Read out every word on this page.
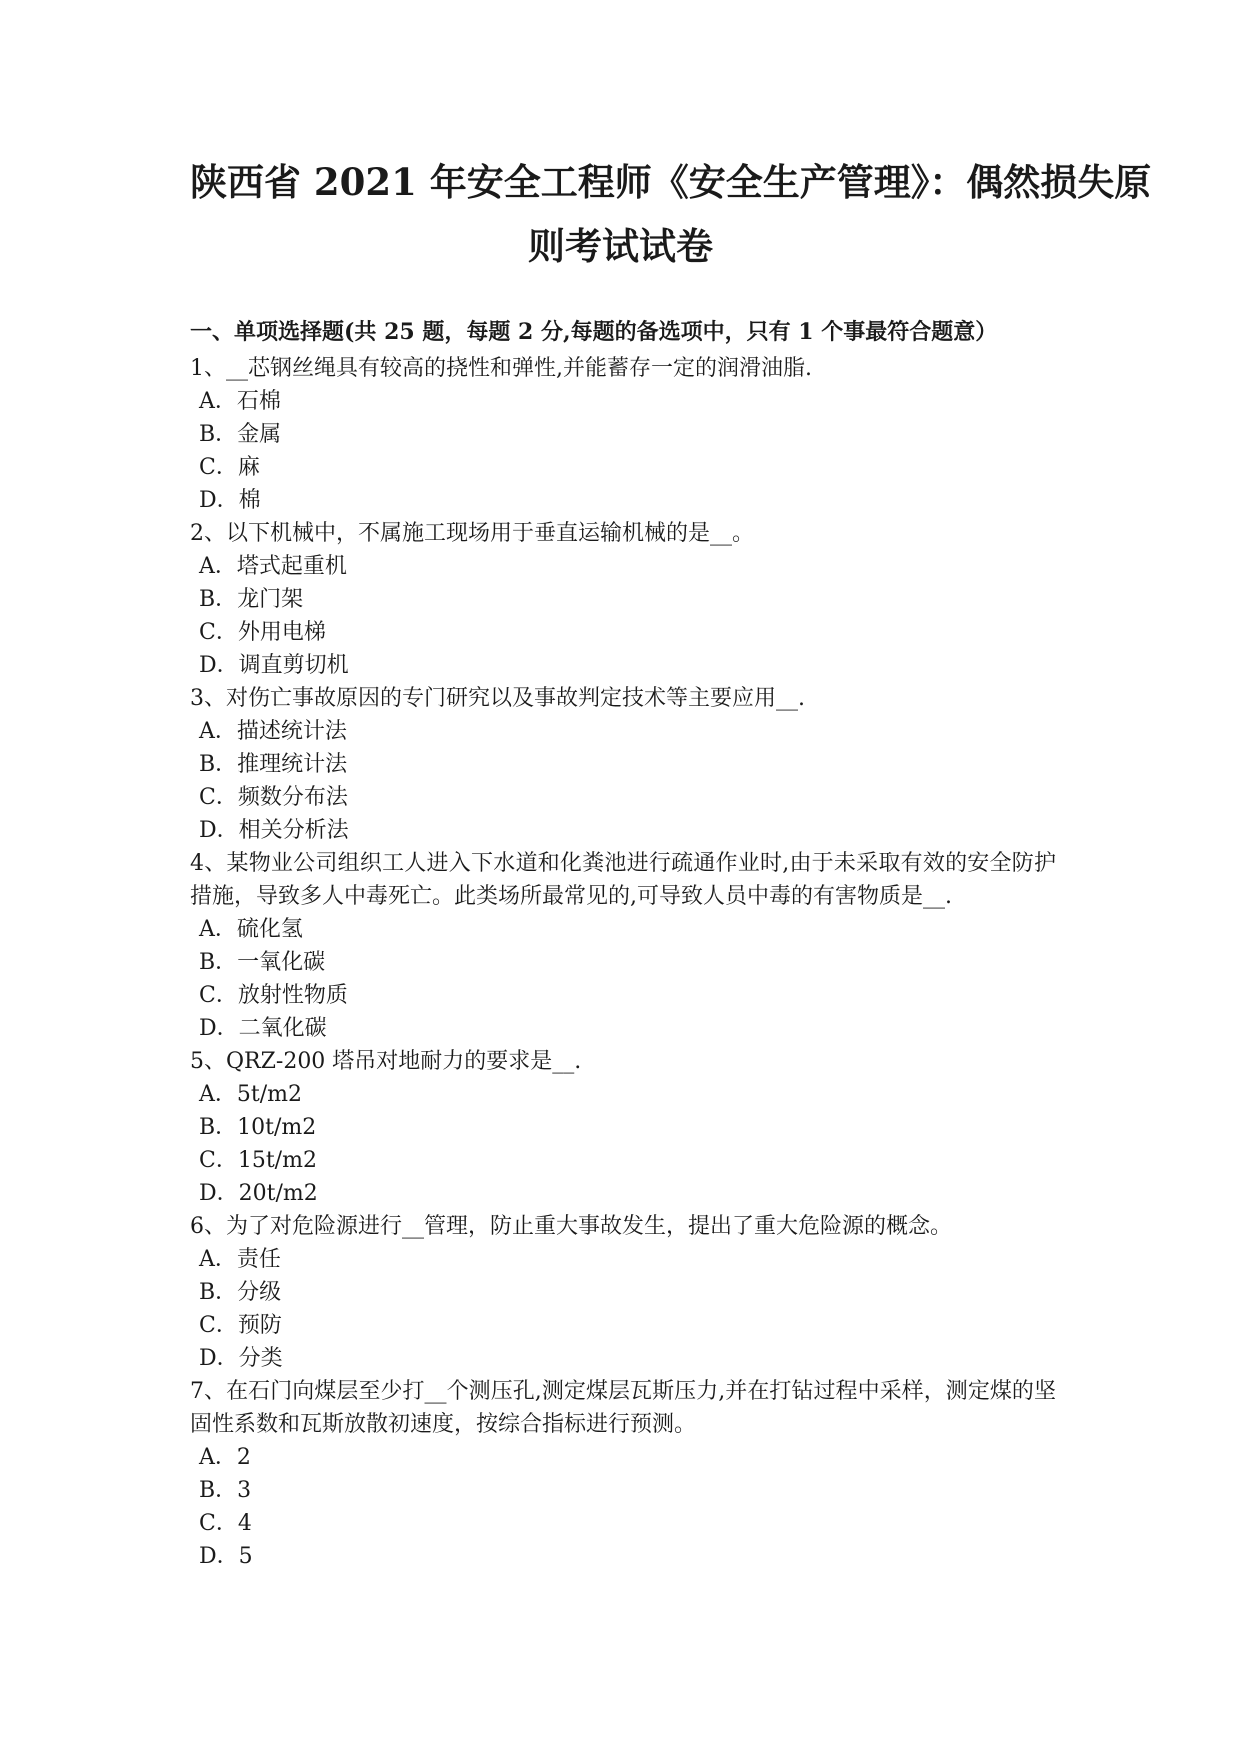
陕西省 2021 年安全工程师《安全生产管理》：偶然损失原
则考试试卷
一、单项选择题(共 25 题，每题 2 分,每题的备选项中，只有 1 个事最符合题意）

1、__芯钢丝绳具有较高的挠性和弹性,并能蓄存一定的润滑油脂.

A．石棉

B．金属

C．麻

D．棉

2、以下机械中，不属施工现场用于垂直运输机械的是__。

A．塔式起重机

B．龙门架

C．外用电梯

D．调直剪切机

3、对伤亡事故原因的专门研究以及事故判定技术等主要应用__.

A．描述统计法

B．推理统计法

C．频数分布法

D．相关分析法

4、某物业公司组织工人进入下水道和化粪池进行疏通作业时,由于未采取有效的安全防护措施，导致多人中毒死亡。此类场所最常见的,可导致人员中毒的有害物质是__.

A．硫化氢

B．一氧化碳

C．放射性物质

D．二氧化碳

5、QRZ-200 塔吊对地耐力的要求是__.

A．5t/m2

B．10t/m2

C．15t/m2

D．20t/m2

6、为了对危险源进行__管理，防止重大事故发生，提出了重大危险源的概念。

A．责任

B．分级

C．预防

D．分类

7、在石门向煤层至少打__个测压孔,测定煤层瓦斯压力,并在打钻过程中采样，测定煤的坚固性系数和瓦斯放散初速度，按综合指标进行预测。

A．2

B．3

C．4

D．5
